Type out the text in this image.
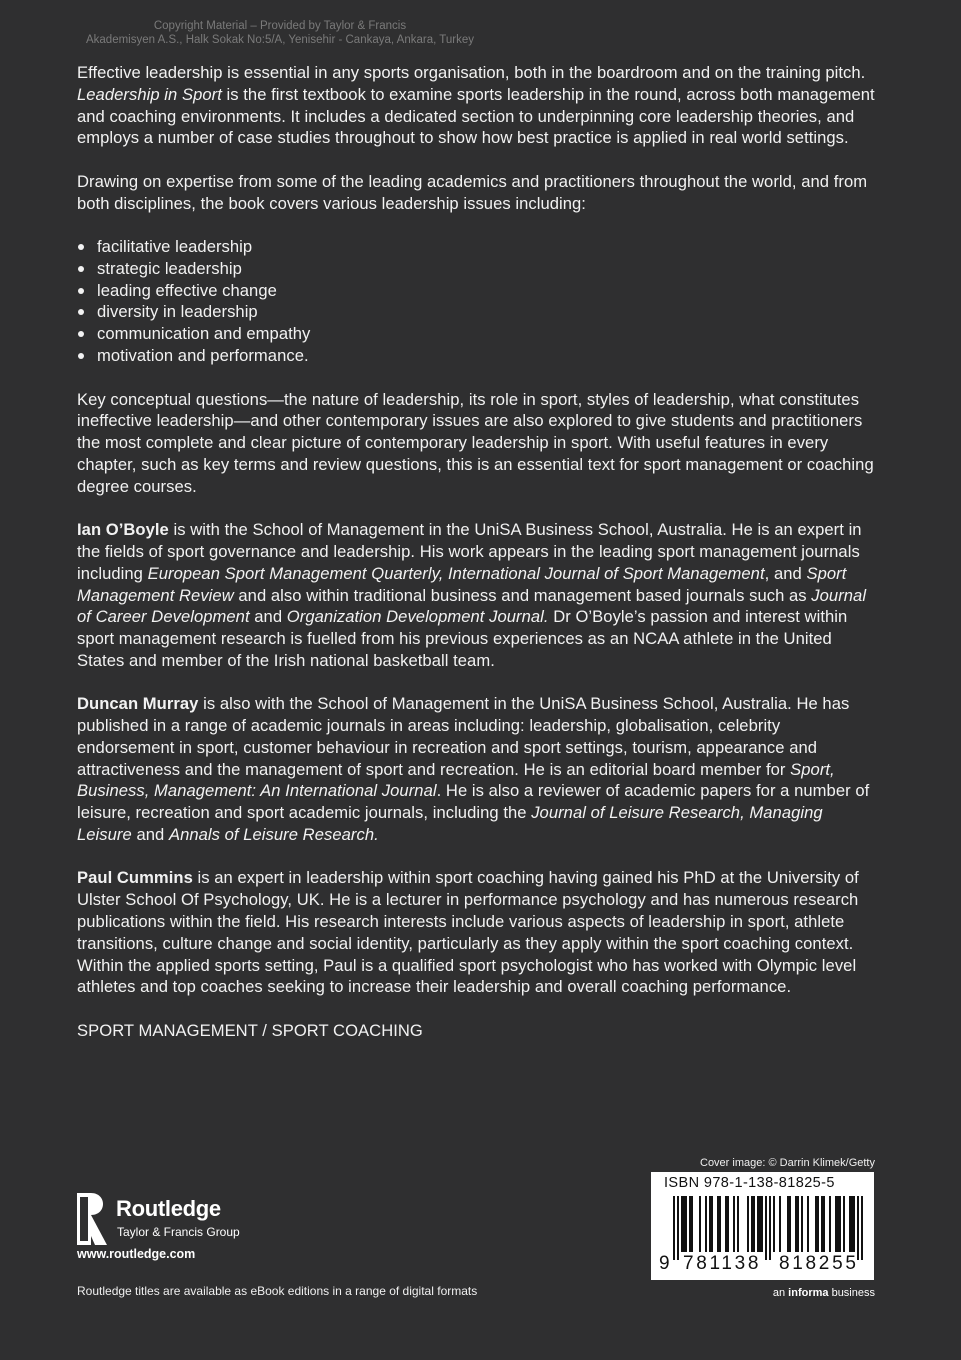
Copyright Material – Provided by Taylor & Francis
Akademisyen A.S., Halk Sokak No:5/A, Yenisehir - Cankaya, Ankara, Turkey

Effective leadership is essential in any sports organisation, both in the boardroom and on the training pitch. Leadership in Sport is the first textbook to examine sports leadership in the round, across both management and coaching environments. It includes a dedicated section to underpinning core leadership theories, and employs a number of case studies throughout to show how best practice is applied in real world settings.

Drawing on expertise from some of the leading academics and practitioners throughout the world, and from both disciplines, the book covers various leadership issues including:

facilitative leadership
strategic leadership
leading effective change
diversity in leadership
communication and empathy
motivation and performance.

Key conceptual questions—the nature of leadership, its role in sport, styles of leadership, what constitutes ineffective leadership—and other contemporary issues are also explored to give students and practitioners the most complete and clear picture of contemporary leadership in sport. With useful features in every chapter, such as key terms and review questions, this is an essential text for sport management or coaching degree courses.

Ian O’Boyle is with the School of Management in the UniSA Business School, Australia. He is an expert in the fields of sport governance and leadership. His work appears in the leading sport management journals including European Sport Management Quarterly, International Journal of Sport Management, and Sport Management Review and also within traditional business and management based journals such as Journal of Career Development and Organization Development Journal. Dr O’Boyle’s passion and interest within sport management research is fuelled from his previous experiences as an NCAA athlete in the United States and member of the Irish national basketball team.

Duncan Murray is also with the School of Management in the UniSA Business School, Australia. He has published in a range of academic journals in areas including: leadership, globalisation, celebrity endorsement in sport, customer behaviour in recreation and sport settings, tourism, appearance and attractiveness and the management of sport and recreation. He is an editorial board member for Sport, Business, Management: An International Journal. He is also a reviewer of academic papers for a number of leisure, recreation and sport academic journals, including the Journal of Leisure Research, Managing Leisure and Annals of Leisure Research.

Paul Cummins is an expert in leadership within sport coaching having gained his PhD at the University of Ulster School Of Psychology, UK. He is a lecturer in performance psychology and has numerous research publications within the field. His research interests include various aspects of leadership in sport, athlete transitions, culture change and social identity, particularly as they apply within the sport coaching context. Within the applied sports setting, Paul is a qualified sport psychologist who has worked with Olympic level athletes and top coaches seeking to increase their leadership and overall coaching performance.

SPORT MANAGEMENT / SPORT COACHING

Routledge
Taylor & Francis Group
www.routledge.com
Routledge titles are available as eBook editions in a range of digital formats
Cover image: © Darrin Klimek/Getty
ISBN 978-1-138-81825-5
9 781138 818255
an informa business
